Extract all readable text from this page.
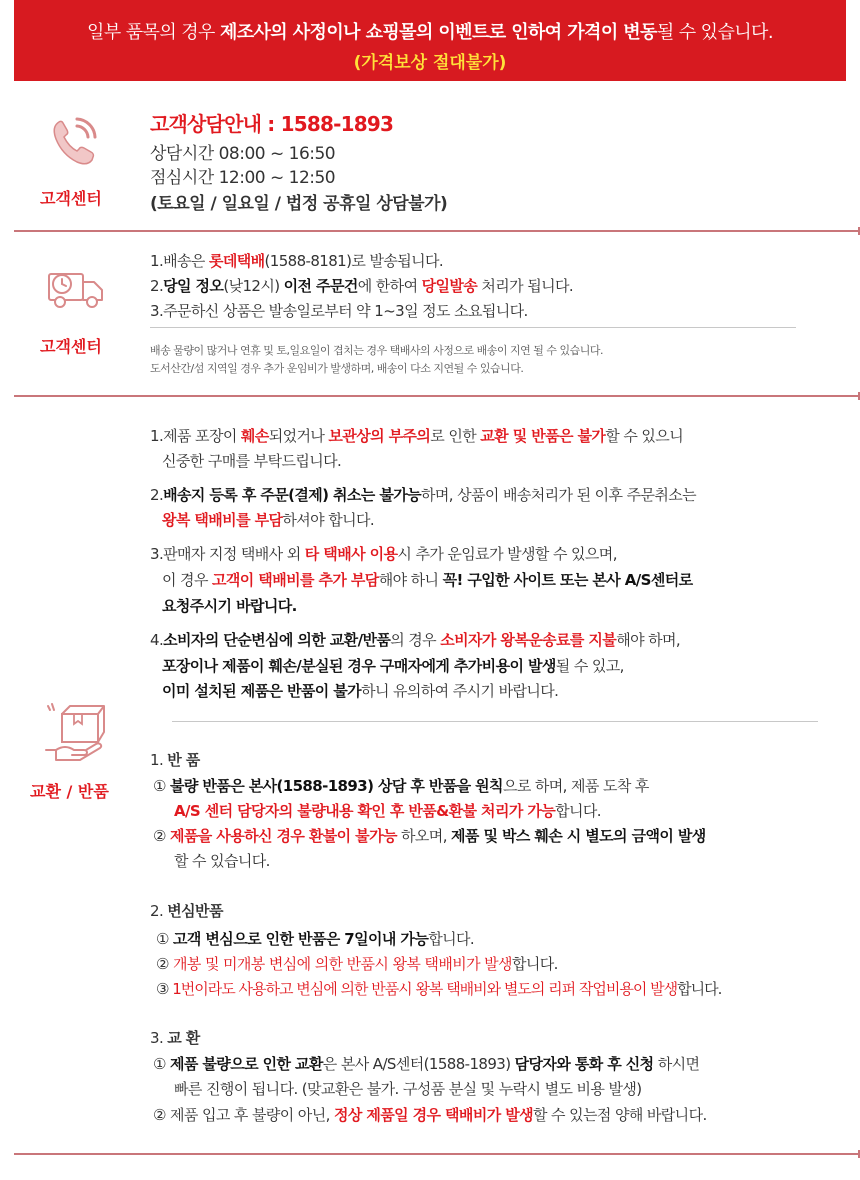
일부 품목의 경우 제조사의 사정이나 쇼핑몰의 이벤트로 인하여 가격이 변동될 수 있습니다.
(가격보상 절대불가)
고객센터
고객상담안내 : 1588-1893
상담시간 08:00 ~ 16:50
점심시간 12:00 ~ 12:50
(토요일 / 일요일 / 법정 공휴일 상담불가)
고객센터
1.배송은 롯데택배(1588-8181)로 발송됩니다.
2.당일 정오(낮12시) 이전 주문건에 한하여 당일발송 처리가 됩니다.
3.주문하신 상품은 발송일로부터 약 1~3일 정도 소요됩니다.
배송 물량이 많거나 연휴 및 토,일요일이 겹치는 경우 택배사의 사정으로 배송이 지연 될 수 있습니다.
도서산간/섬 지역일 경우 추가 운임비가 발생하며, 배송이 다소 지연될 수 있습니다.
교환 / 반품
1.제품 포장이 훼손되었거나 보관상의 부주의로 인한 교환 및 반품은 불가할 수 있으니
신중한 구매를 부탁드립니다.
2.배송지 등록 후 주문(결제) 취소는 불가능하며, 상품이 배송처리가 된 이후 주문취소는
왕복 택배비를 부담하셔야 합니다.
3.판매자 지정 택배사 외 타 택배사 이용시 추가 운임료가 발생할 수 있으며,
이 경우 고객이 택배비를 추가 부담해야 하니 꼭! 구입한 사이트 또는 본사 A/S센터로
요청주시기 바랍니다.
4.소비자의 단순변심에 의한 교환/반품의 경우 소비자가 왕복운송료를 지불해야 하며,
포장이나 제품이 훼손/분실된 경우 구매자에게 추가비용이 발생될 수 있고,
이미 설치된 제품은 반품이 불가하니 유의하여 주시기 바랍니다.
1. 반 품
① 불량 반품은 본사(1588-1893) 상담 후 반품을 원칙으로 하며, 제품 도착 후
A/S 센터 담당자의 불량내용 확인 후 반품&환불 처리가 가능합니다.
② 제품을 사용하신 경우 환불이 불가능 하오며, 제품 및 박스 훼손 시 별도의 금액이 발생
할 수 있습니다.
2. 변심반품
① 고객 변심으로 인한 반품은 7일이내 가능합니다.
② 개봉 및 미개봉 변심에 의한 반품시 왕복 택배비가 발생합니다.
③ 1번이라도 사용하고 변심에 의한 반품시 왕복 택배비와 별도의 리퍼 작업비용이 발생합니다.
3. 교 환
① 제품 불량으로 인한 교환은 본사 A/S센터(1588-1893) 담당자와 통화 후 신청 하시면
빠른 진행이 됩니다. (맞교환은 불가. 구성품 분실 및 누락시 별도 비용 발생)
② 제품 입고 후 불량이 아닌, 정상 제품일 경우 택배비가 발생할 수 있는점 양해 바랍니다.
